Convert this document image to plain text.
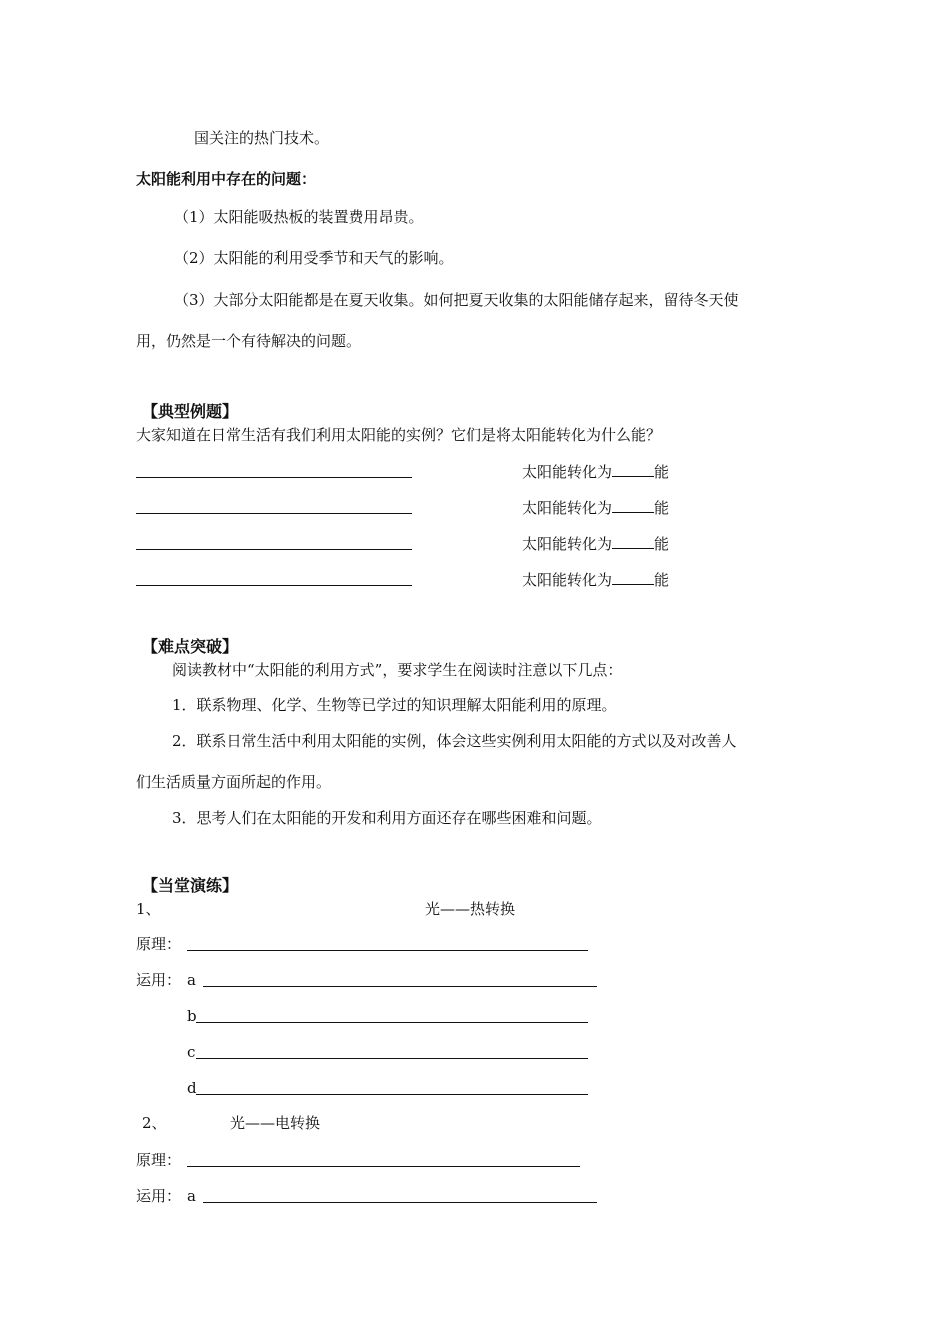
国关注的热门技术。
太阳能利用中存在的问题：
（1）太阳能吸热板的装置费用昂贵。
（2）太阳能的利用受季节和天气的影响。
（3）大部分太阳能都是在夏天收集。如何把夏天收集的太阳能储存起来，留待冬天使
用，仍然是一个有待解决的问题。
【典型例题】
大家知道在日常生活有我们利用太阳能的实例？它们是将太阳能转化为什么能？
太阳能转化为	能
太阳能转化为	能
太阳能转化为	能
太阳能转化为	能
【难点突破】
阅读教材中“太阳能的利用方式”，要求学生在阅读时注意以下几点：
1．联系物理、化学、生物等已学过的知识理解太阳能利用的原理。
2．联系日常生活中利用太阳能的实例，体会这些实例利用太阳能的方式以及对改善人
们生活质量方面所起的作用。
3．思考人们在太阳能的开发和利用方面还存在哪些困难和问题。
【当堂演练】
1、	光——热转换
原理：
运用： a
b
c
d
2、	光——电转换
原理：
运用： a
